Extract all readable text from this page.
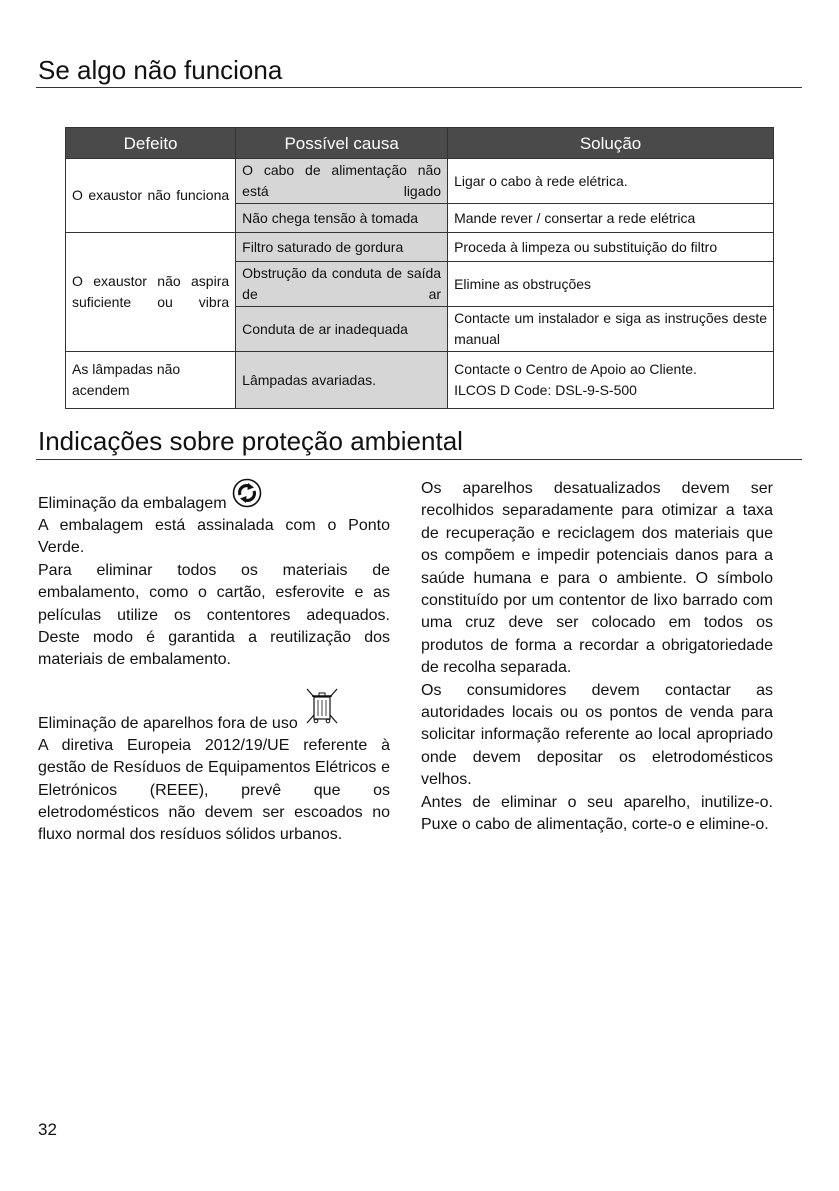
Se algo não funciona
Defeito	Possível causa	Solução
O exaustor não funciona	O cabo de alimentação não está ligado	Ligar o cabo à rede elétrica.
	Não chega tensão à tomada	Mande rever / consertar a rede elétrica
O exaustor não aspira suficiente ou vibra	Filtro saturado de gordura	Proceda à limpeza ou substituição do filtro
	Obstrução da conduta de saída de ar	Elimine as obstruções
	Conduta de ar inadequada	Contacte um instalador e siga as instruções deste manual
As lâmpadas não acendem	Lâmpadas avariadas.	Contacte o Centro de Apoio ao Cliente.
ILCOS D Code: DSL-9-S-500
Indicações sobre proteção ambiental
Eliminação da embalagem

A embalagem está assinalada com o Ponto Verde.

Para eliminar todos os materiais de embalamento, como o cartão, esferovite e as películas utilize os contentores adequados. Deste modo é garantida a reutilização dos materiais de embalamento.

Eliminação de aparelhos fora de uso

A diretiva Europeia 2012/19/UE referente à gestão de Resíduos de Equipamentos Elétricos e Eletrónicos (REEE), prevê que os eletrodomésticos não devem ser escoados no fluxo normal dos resíduos sólidos urbanos.

Os aparelhos desatualizados devem ser recolhidos separadamente para otimizar a taxa de recuperação e reciclagem dos materiais que os compõem e impedir potenciais danos para a saúde humana e para o ambiente. O símbolo constituído por um contentor de lixo barrado com uma cruz deve ser colocado em todos os produtos de forma a recordar a obrigatoriedade de recolha separada.

Os consumidores devem contactar as autoridades locais ou os pontos de venda para solicitar informação referente ao local apropriado onde devem depositar os eletrodomésticos velhos.

Antes de eliminar o seu aparelho, inutilize-o. Puxe o cabo de alimentação, corte-o e elimine-o.

32
